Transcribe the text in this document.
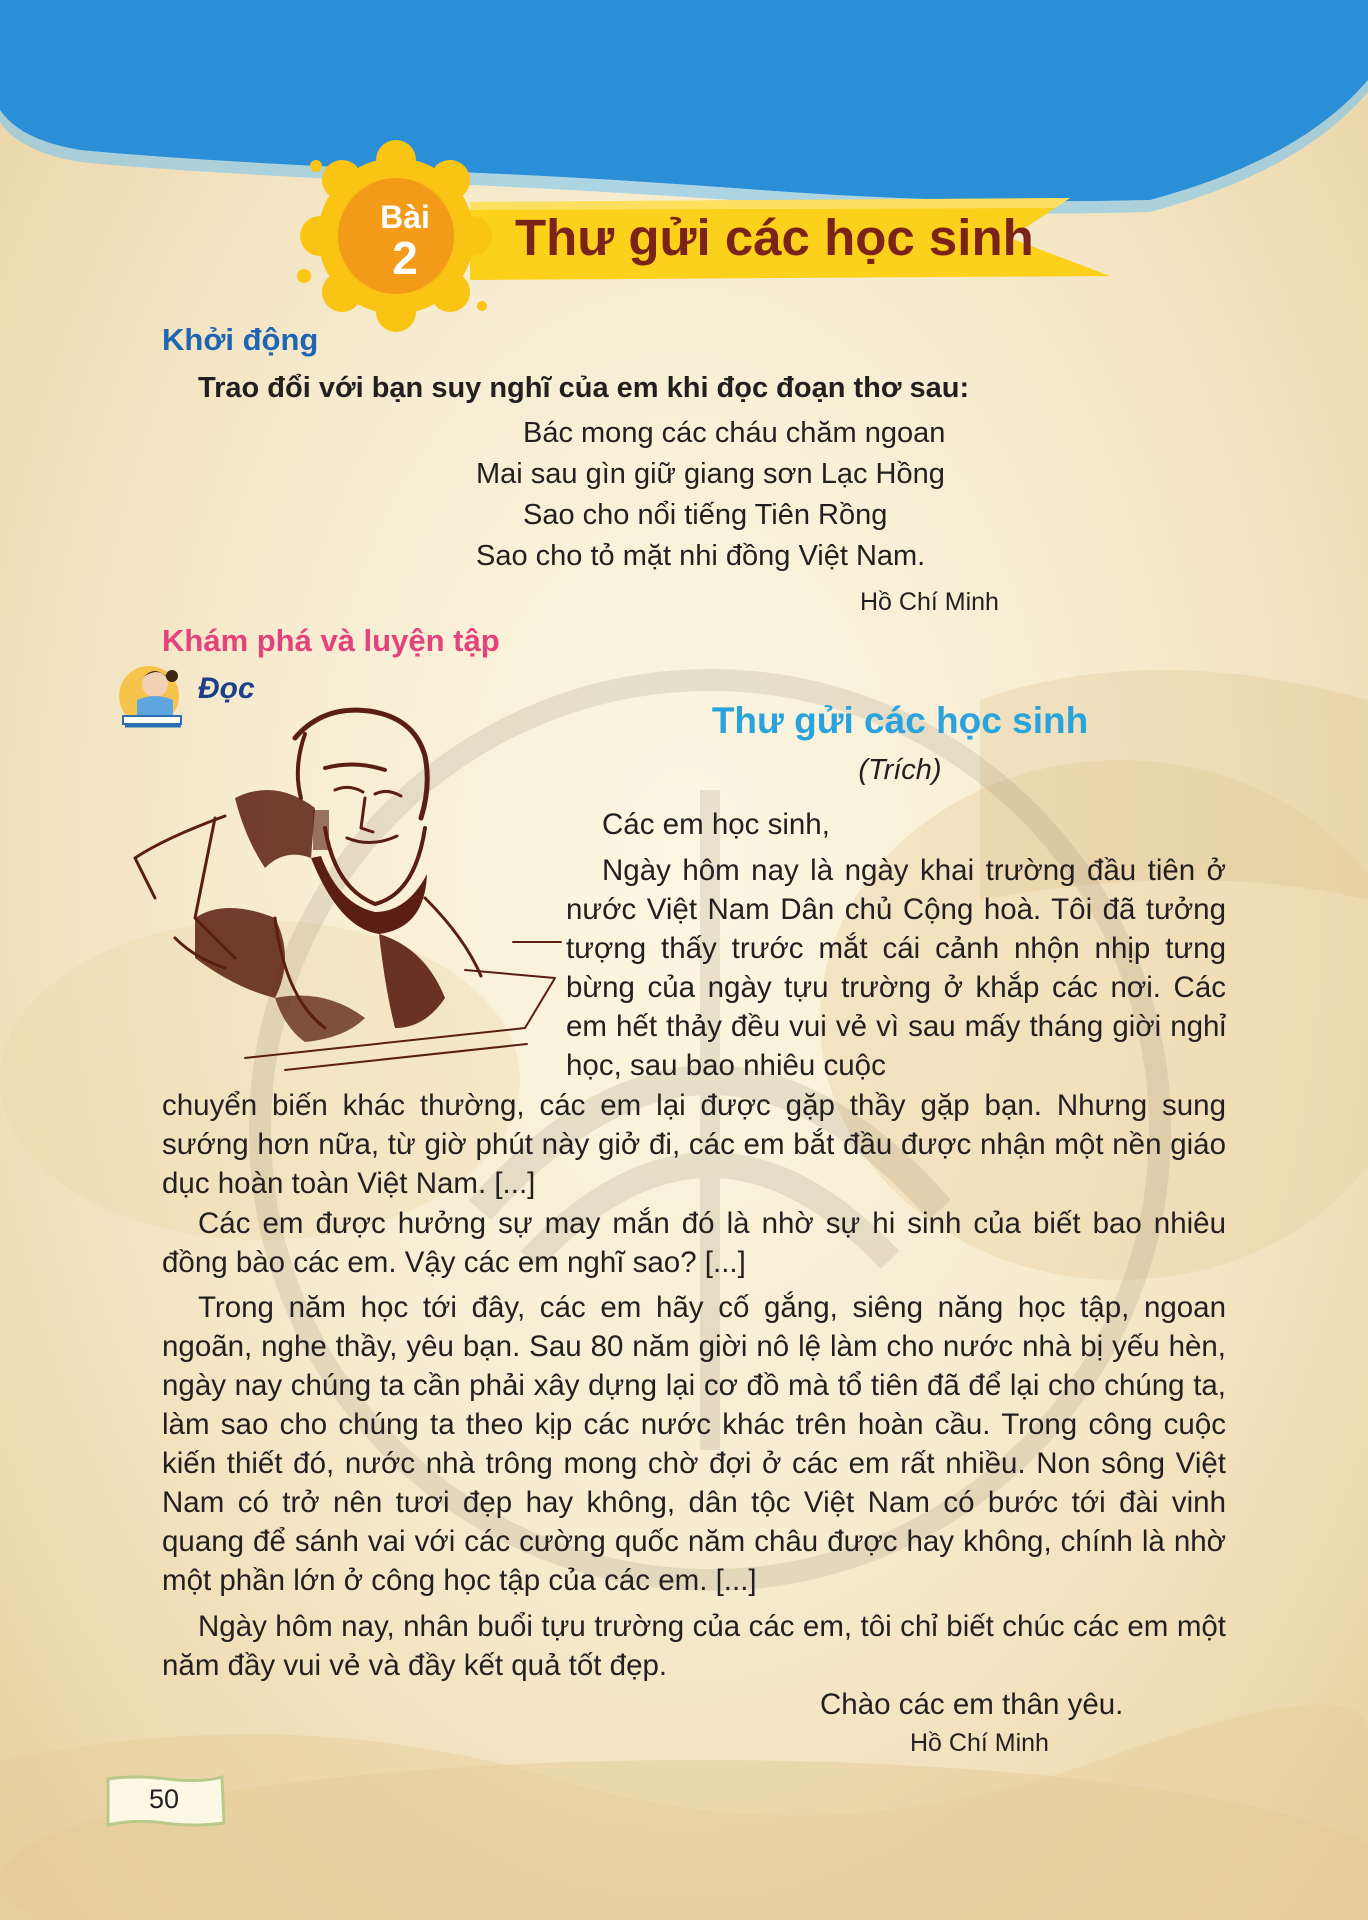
Bài
2	Thư gửi các học sinh
Khởi động
Trao đổi với bạn suy nghĩ của em khi đọc đoạn thơ sau:
Bác mong các cháu chăm ngoan
Mai sau gìn giữ giang sơn Lạc Hồng
Sao cho nổi tiếng Tiên Rồng
Sao cho tỏ mặt nhi đồng Việt Nam.
Hồ Chí Minh
Khám phá và luyện tập
Đọc
Thư gửi các học sinh
(Trích)
Các em học sinh,

Ngày hôm nay là ngày khai trường đầu tiên ở nước Việt Nam Dân chủ Cộng hoà. Tôi đã tưởng tượng thấy trước mắt cái cảnh nhộn nhịp tưng bừng của ngày tựu trường ở khắp các nơi. Các em hết thảy đều vui vẻ vì sau mấy tháng giời nghỉ học, sau bao nhiêu cuộc

chuyển biến khác thường, các em lại được gặp thầy gặp bạn. Nhưng sung sướng hơn nữa, từ giờ phút này giở đi, các em bắt đầu được nhận một nền giáo dục hoàn toàn Việt Nam. [...]

Các em được hưởng sự may mắn đó là nhờ sự hi sinh của biết bao nhiêu đồng bào các em. Vậy các em nghĩ sao? [...]

Trong năm học tới đây, các em hãy cố gắng, siêng năng học tập, ngoan ngoãn, nghe thầy, yêu bạn. Sau 80 năm giời nô lệ làm cho nước nhà bị yếu hèn, ngày nay chúng ta cần phải xây dựng lại cơ đồ mà tổ tiên đã để lại cho chúng ta, làm sao cho chúng ta theo kịp các nước khác trên hoàn cầu. Trong công cuộc kiến thiết đó, nước nhà trông mong chờ đợi ở các em rất nhiều. Non sông Việt Nam có trở nên tươi đẹp hay không, dân tộc Việt Nam có bước tới đài vinh quang để sánh vai với các cường quốc năm châu được hay không, chính là nhờ một phần lớn ở công học tập của các em. [...]

Ngày hôm nay, nhân buổi tựu trường của các em, tôi chỉ biết chúc các em một năm đầy vui vẻ và đầy kết quả tốt đẹp.

Chào các em thân yêu.
Hồ Chí Minh
50
